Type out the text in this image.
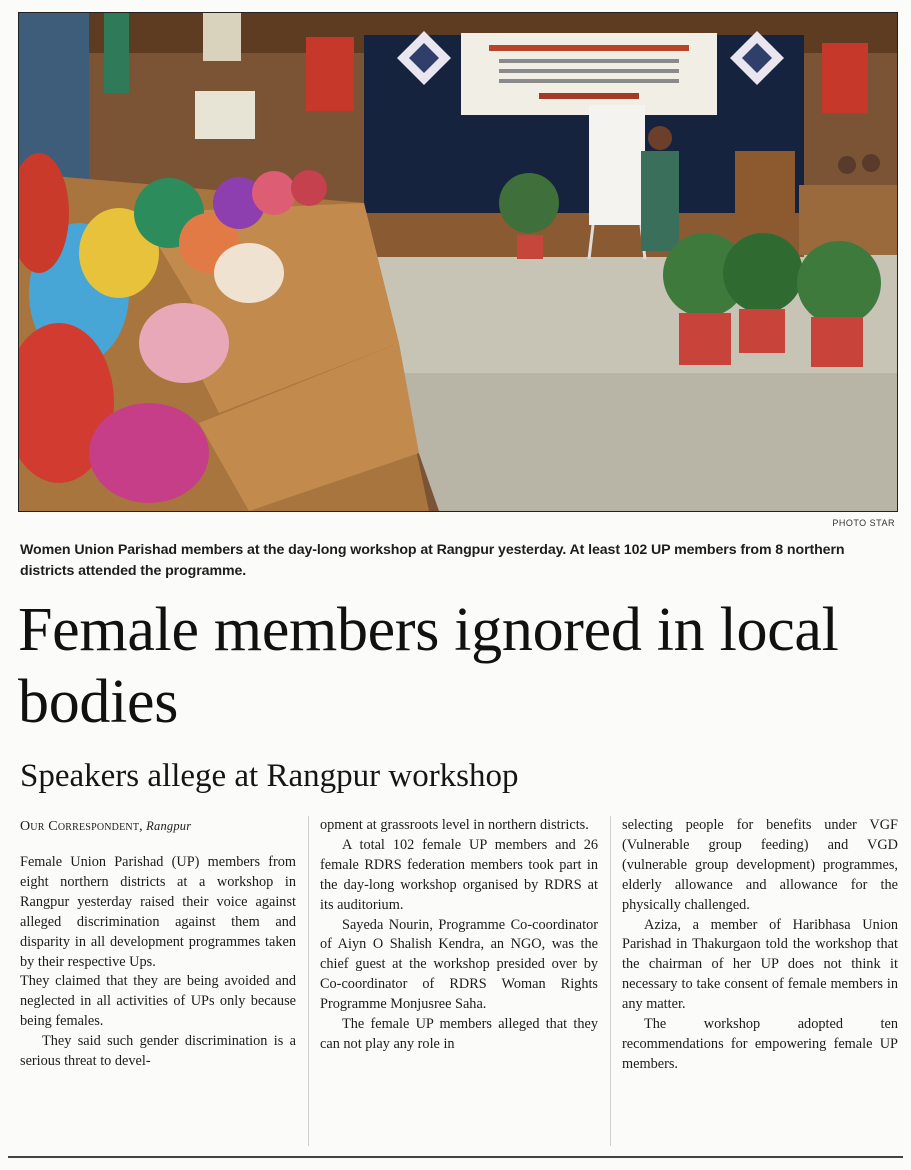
PHOTO STAR
Women Union Parishad members at the day-long workshop at Rangpur yesterday. At least 102 UP members from 8 northern districts attended the programme.
Female members ignored in local bodies
Speakers allege at Rangpur workshop

Our Correspondent, Rangpur

Female Union Parishad (UP) members from eight northern districts at a workshop in Rangpur yesterday raised their voice against alleged discrimination against them and disparity in all development programmes taken by their respective Ups.

They claimed that they are being avoided and neglected in all activities of UPs only because being females.

They said such gender discrimination is a serious threat to devel-

opment at grassroots level in northern districts.

A total 102 female UP members and 26 female RDRS federation members took part in the day-long workshop organised by RDRS at its auditorium.

Sayeda Nourin, Programme Co-coordinator of Aiyn O Shalish Kendra, an NGO, was the chief guest at the workshop presided over by Co-coordinator of RDRS Woman Rights Programme Monjusree Saha.

The female UP members alleged that they can not play any role in

selecting people for benefits under VGF (Vulnerable group feeding) and VGD (vulnerable group development) programmes, elderly allowance and allowance for the physically challenged.

Aziza, a member of Haribhasa Union Parishad in Thakurgaon told the workshop that the chairman of her UP does not think it necessary to take consent of female members in any matter.

The workshop adopted ten recommendations for empowering female UP members.
